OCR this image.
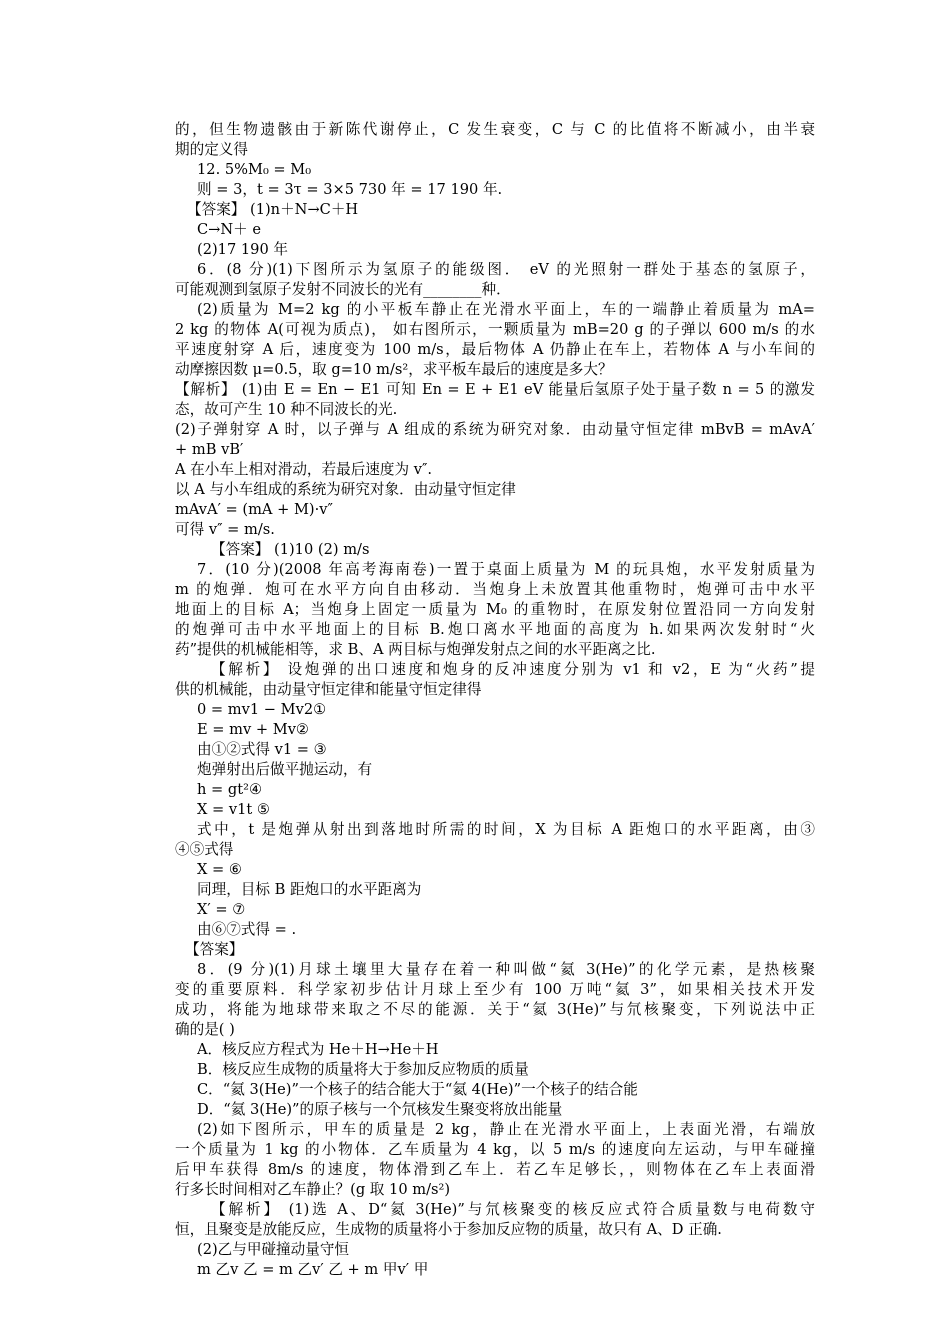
的，但生物遗骸由于新陈代谢停止，C 发生衰变，C 与 C 的比值将不断减小，由半衰
期的定义得
12. 5%M₀ = M₀
则 = 3，t = 3τ = 3×5 730 年 = 17 190 年.
【答案】 (1)n＋N→C＋H
C→N＋ e
(2)17 190 年
6．(8 分)(1)下图所示为氢原子的能级图． eV 的光照射一群处于基态的氢原子，
可能观测到氢原子发射不同波长的光有________种．
(2)质量为 M=2 kg 的小平板车静止在光滑水平面上，车的一端静止着质量为 mA=
2 kg 的物体 A(可视为质点)， 如右图所示，一颗质量为 mB=20 g 的子弹以 600 m/s 的水
平速度射穿 A 后，速度变为 100 m/s，最后物体 A 仍静止在车上，若物体 A 与小车间的
动摩擦因数 μ=0.5，取 g=10 m/s²，求平板车最后的速度是多大？
【解析】 (1)由 E = En − E1 可知 En = E + E1 eV 能量后氢原子处于量子数 n = 5 的激发
态，故可产生 10 种不同波长的光.
(2)子弹射穿 A 时，以子弹与 A 组成的系统为研究对象．由动量守恒定律 mBvB = mAvA′
+ mB vB′
A 在小车上相对滑动，若最后速度为 v″.
以 A 与小车组成的系统为研究对象．由动量守恒定律
mAvA′ = (mA + M)·v″
可得 v″ = m/s.
【答案】 (1)10 (2) m/s
7．(10 分)(2008 年高考海南卷)一置于桌面上质量为 M 的玩具炮，水平发射质量为
m 的炮弹．炮可在水平方向自由移动．当炮身上未放置其他重物时，炮弹可击中水平
地面上的目标 A；当炮身上固定一质量为 M₀ 的重物时，在原发射位置沿同一方向发射
的炮弹可击中水平地面上的目标 B.炮口离水平地面的高度为 h.如果两次发射时“火
药”提供的机械能相等，求 B、A 两目标与炮弹发射点之间的水平距离之比.
【解析】 设炮弹的出口速度和炮身的反冲速度分别为 v1 和 v2，E 为“火药”提
供的机械能，由动量守恒定律和能量守恒定律得
0 = mv1 − Mv2①
E = mv + Mv②
由①②式得 v1 = ③
炮弹射出后做平抛运动，有
h = gt²④
X = v1t ⑤
式中，t 是炮弹从射出到落地时所需的时间，X 为目标 A 距炮口的水平距离，由③
④⑤式得
X = ⑥
同理，目标 B 距炮口的水平距离为
X′ = ⑦
由⑥⑦式得 = .
【答案】
8．(9 分)(1)月球土壤里大量存在着一种叫做“氦 3(He)”的化学元素，是热核聚
变的重要原料．科学家初步估计月球上至少有 100 万吨“氦 3”，如果相关技术开发
成功，将能为地球带来取之不尽的能源．关于“氦 3(He)”与氘核聚变，下列说法中正
确的是( )
A．核反应方程式为 He＋H→He＋H
B．核反应生成物的质量将大于参加反应物质的质量
C．“氦 3(He)”一个核子的结合能大于“氦 4(He)”一个核子的结合能
D．“氦 3(He)”的原子核与一个氘核发生聚变将放出能量
(2)如下图所示，甲车的质量是 2 kg，静止在光滑水平面上，上表面光滑，右端放
一个质量为 1 kg 的小物体．乙车质量为 4 kg，以 5 m/s 的速度向左运动，与甲车碰撞
后甲车获得 8m/s 的速度，物体滑到乙车上．若乙车足够长，，则物体在乙车上表面滑
行多长时间相对乙车静止？(g 取 10 m/s²)
【解析】 (1)选 A、D“氦 3(He)”与氘核聚变的核反应式符合质量数与电荷数守
恒，且聚变是放能反应，生成物的质量将小于参加反应物的质量，故只有 A、D 正确.
(2)乙与甲碰撞动量守恒
m 乙v 乙 = m 乙v′ 乙 + m 甲v′ 甲
